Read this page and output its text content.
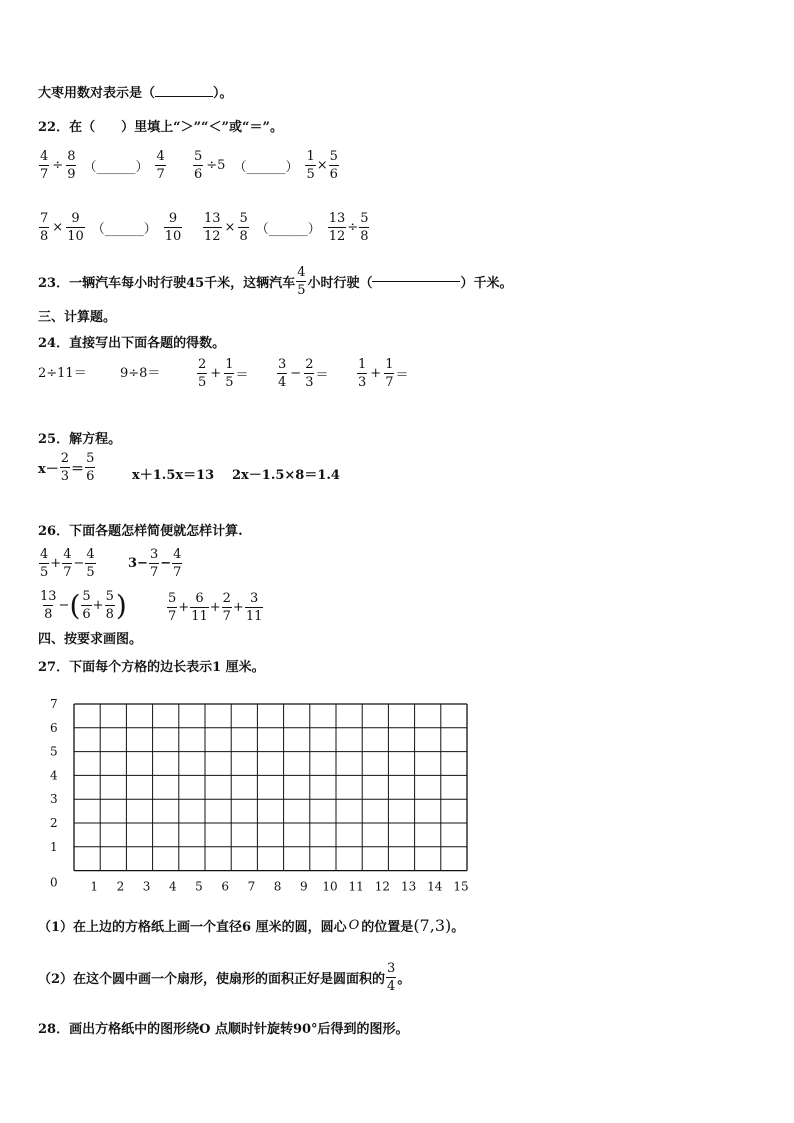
大枣用数对表示是（	）。
22．在（　　）里填上“＞”“＜”或“＝”。
$\frac{4}{7} \div \frac{8}{9}$ （______） $\frac{4}{7} \frac{5}{6} \div 5$ （______） $\frac{1}{5} \times \frac{5}{6}$
$\frac{7}{8} \times \frac{9}{10}$ （______） $\frac{9}{10} \frac{13}{12} \times \frac{5}{8}$ （______） $\frac{13}{12} \div \frac{5}{8}$
23． 一辆汽车每小时行驶45千米，这辆汽车 $\frac{4}{5}$ 小时行驶（	）千米。
三、计算题。
24．直接写出下面各题的得数。
2÷11＝	9÷8＝	$\frac{2}{5} + \frac{1}{5} = \frac{3}{4} - \frac{2}{3} = \frac{1}{3} + \frac{1}{7}$ ＝
25．解方程。
$x- \frac{2}{3} = \frac{5}{6}$	x＋1.5x＝13 2x－1.5×8＝1.4
26．下面各题怎样简便就怎样计算.
$\frac{4}{5} + \frac{4}{7} - \frac{4}{5} 3- \frac{3}{7} - \frac{4}{7}$
$\frac{13}{8}$ − ( $\frac{5}{6} + \frac{5}{8}$ )	$\frac{5}{7} + \frac{6}{11} + \frac{2}{7} + \frac{3}{11}$
四、按要求画图。
27．下面每个方格的边长表示1 厘米。
7
6
5
4
3
2
1
0	1 2 3 4 5 6 7 8 9 10 11 12 13 14 15
（1）在上边的方格纸上画一个直径6 厘米的圆，圆心 O 的位置是 (7,3) 。
（2）在这个圆中画一个扇形，使扇形的面积正好是圆面积的 $\frac{3}{4}$ 。
28．画出方格纸中的图形绕O 点顺时针旋转90°后得到的图形。
